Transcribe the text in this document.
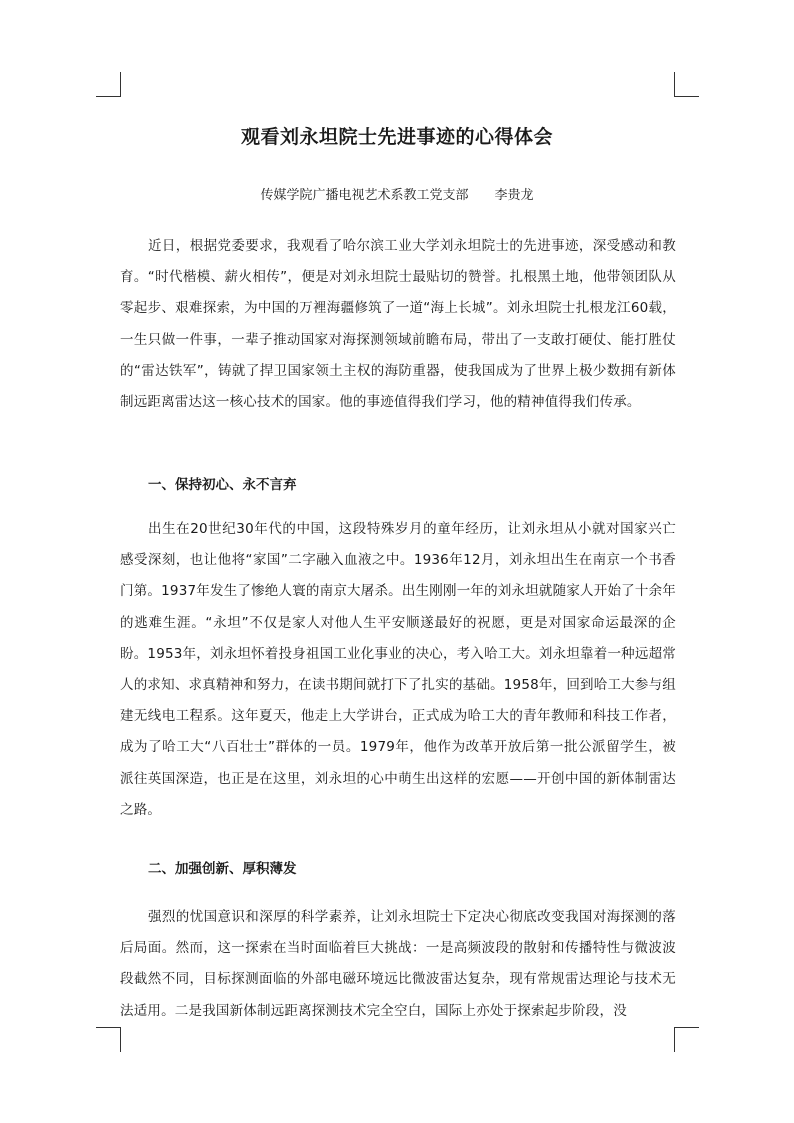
观看刘永坦院士先进事迹的心得体会

传媒学院广播电视艺术系教工党支部 李贵龙

近日，根据党委要求，我观看了哈尔滨工业大学刘永坦院士的先进事迹，深受感动和教育。“时代楷模、薪火相传”，便是对刘永坦院士最贴切的赞誉。扎根黑土地，他带领团队从零起步、艰难探索，为中国的万裡海疆修筑了一道“海上长城”。刘永坦院士扎根龙江60载，一生只做一件事，一辈子推动国家对海探测领域前瞻布局，带出了一支敢打硬仗、能打胜仗的“雷达铁军”，铸就了捍卫国家领土主权的海防重器，使我国成为了世界上极少数拥有新体制远距离雷达这一核心技术的国家。他的事迹值得我们学习，他的精神值得我们传承。

一、保持初心、永不言弃

出生在20世纪30年代的中国，这段特殊岁月的童年经历，让刘永坦从小就对国家兴亡感受深刻，也让他将“家国”二字融入血液之中。1936年12月，刘永坦出生在南京一个书香门第。1937年发生了惨绝人寰的南京大屠杀。出生刚刚一年的刘永坦就随家人开始了十余年的逃难生涯。“永坦”不仅是家人对他人生平安顺遂最好的祝愿，更是对国家命运最深的企盼。1953年，刘永坦怀着投身祖国工业化事业的决心，考入哈工大。刘永坦靠着一种远超常人的求知、求真精神和努力，在读书期间就打下了扎实的基础。1958年，回到哈工大参与组建无线电工程系。这年夏天，他走上大学讲台，正式成为哈工大的青年教师和科技工作者，成为了哈工大“八百壮士”群体的一员。1979年，他作为改革开放后第一批公派留学生，被派往英国深造，也正是在这里，刘永坦的心中萌生出这样的宏愿——开创中国的新体制雷达之路。

二、加强创新、厚积薄发

强烈的忧国意识和深厚的科学素养，让刘永坦院士下定决心彻底改变我国对海探测的落后局面。然而，这一探索在当时面临着巨大挑战：一是高频波段的散射和传播特性与微波波段截然不同，目标探测面临的外部电磁环境远比微波雷达复杂，现有常规雷达理论与技术无法适用。二是我国新体制远距离探测技术完全空白，国际上亦处于探索起步阶段，没
